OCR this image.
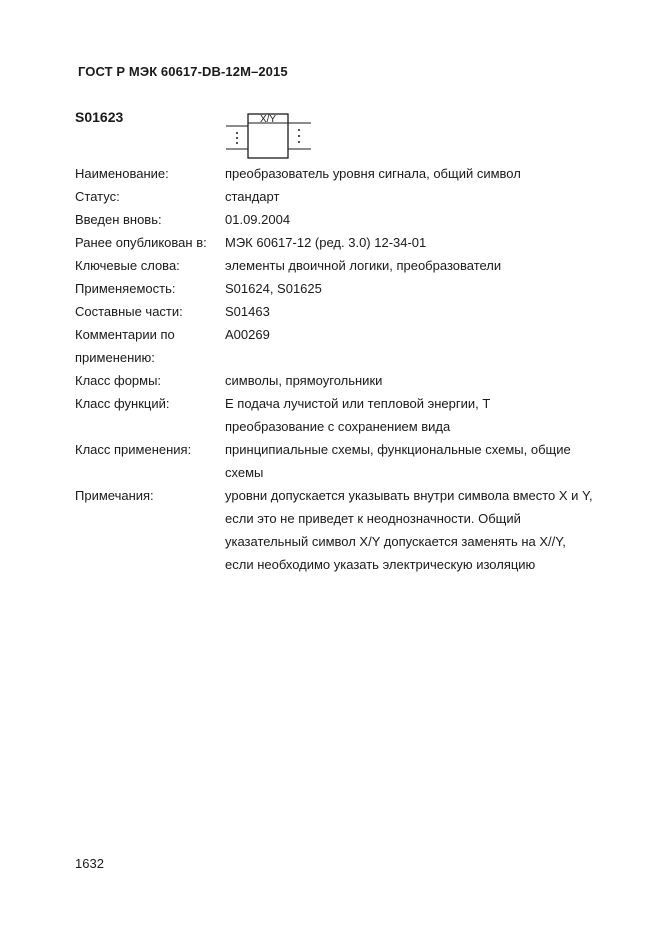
ГОСТ Р МЭК 60617-DB-12M–2015
S01623	X/Y
Наименование:	преобразователь уровня сигнала, общий символ
Статус:	стандарт
Введен вновь:	01.09.2004
Ранее опубликован в:	МЭК 60617-12 (ред. 3.0) 12-34-01
Ключевые слова:	элементы двоичной логики, преобразователи
Применяемость:	S01624, S01625
Составные части:	S01463
Комментарии по применению:
A00269
Класс формы:	символы, прямоугольники
Класс функций:	Е подача лучистой или тепловой энергии, Т преобразование с сохранением вида
Класс применения:	принципиальные схемы, функциональные схемы, общие схемы
Примечания:	уровни допускается указывать внутри символа вместо X и Y, если это не приведет к неоднозначности. Общий указательный символ X/Y допускается заменять на X//Y, если необходимо указать электрическую изоляцию
1632
